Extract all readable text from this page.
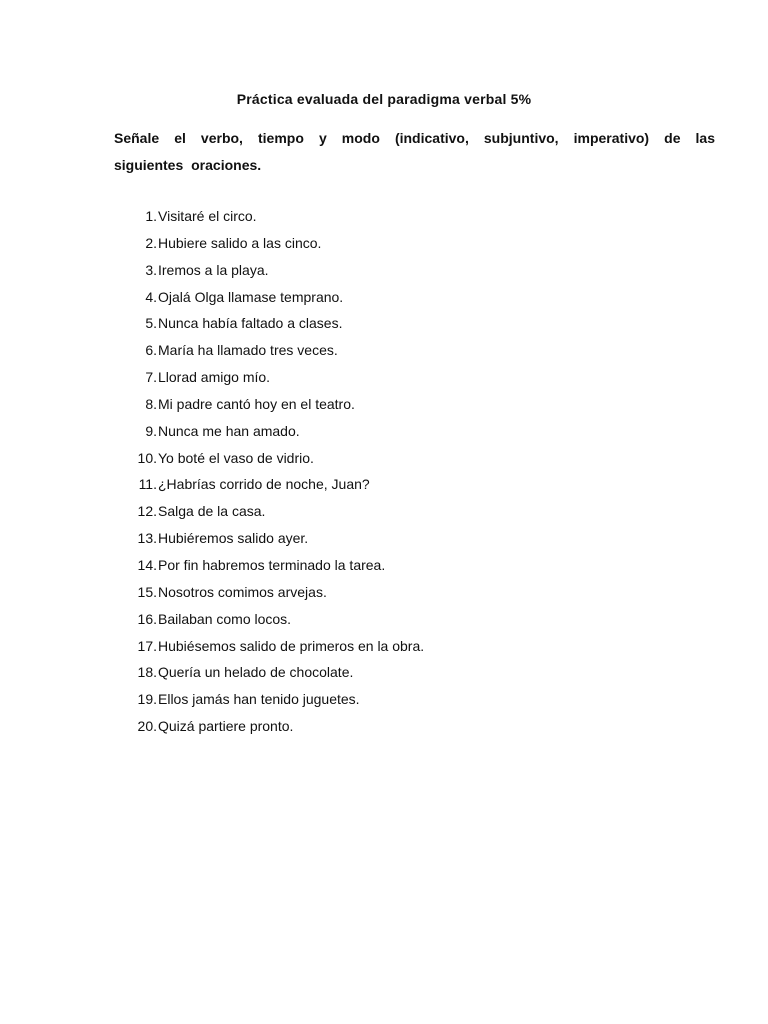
Práctica evaluada del paradigma verbal 5%
Señale el verbo, tiempo y modo (indicativo, subjuntivo, imperativo) de las siguientes oraciones.
1. Visitaré el circo.
2. Hubiere salido a las cinco.
3. Iremos a la playa.
4. Ojalá Olga llamase temprano.
5. Nunca había faltado a clases.
6. María ha llamado tres veces.
7. Llorad amigo mío.
8. Mi padre cantó hoy en el teatro.
9. Nunca me han amado.
10. Yo boté el vaso de vidrio.
11. ¿Habrías corrido de noche, Juan?
12. Salga de la casa.
13. Hubiéremos salido ayer.
14. Por fin habremos terminado la tarea.
15. Nosotros comimos arvejas.
16. Bailaban como locos.
17. Hubiésemos salido de primeros en la obra.
18. Quería un helado de chocolate.
19. Ellos jamás han tenido juguetes.
20. Quizá partiere pronto.
